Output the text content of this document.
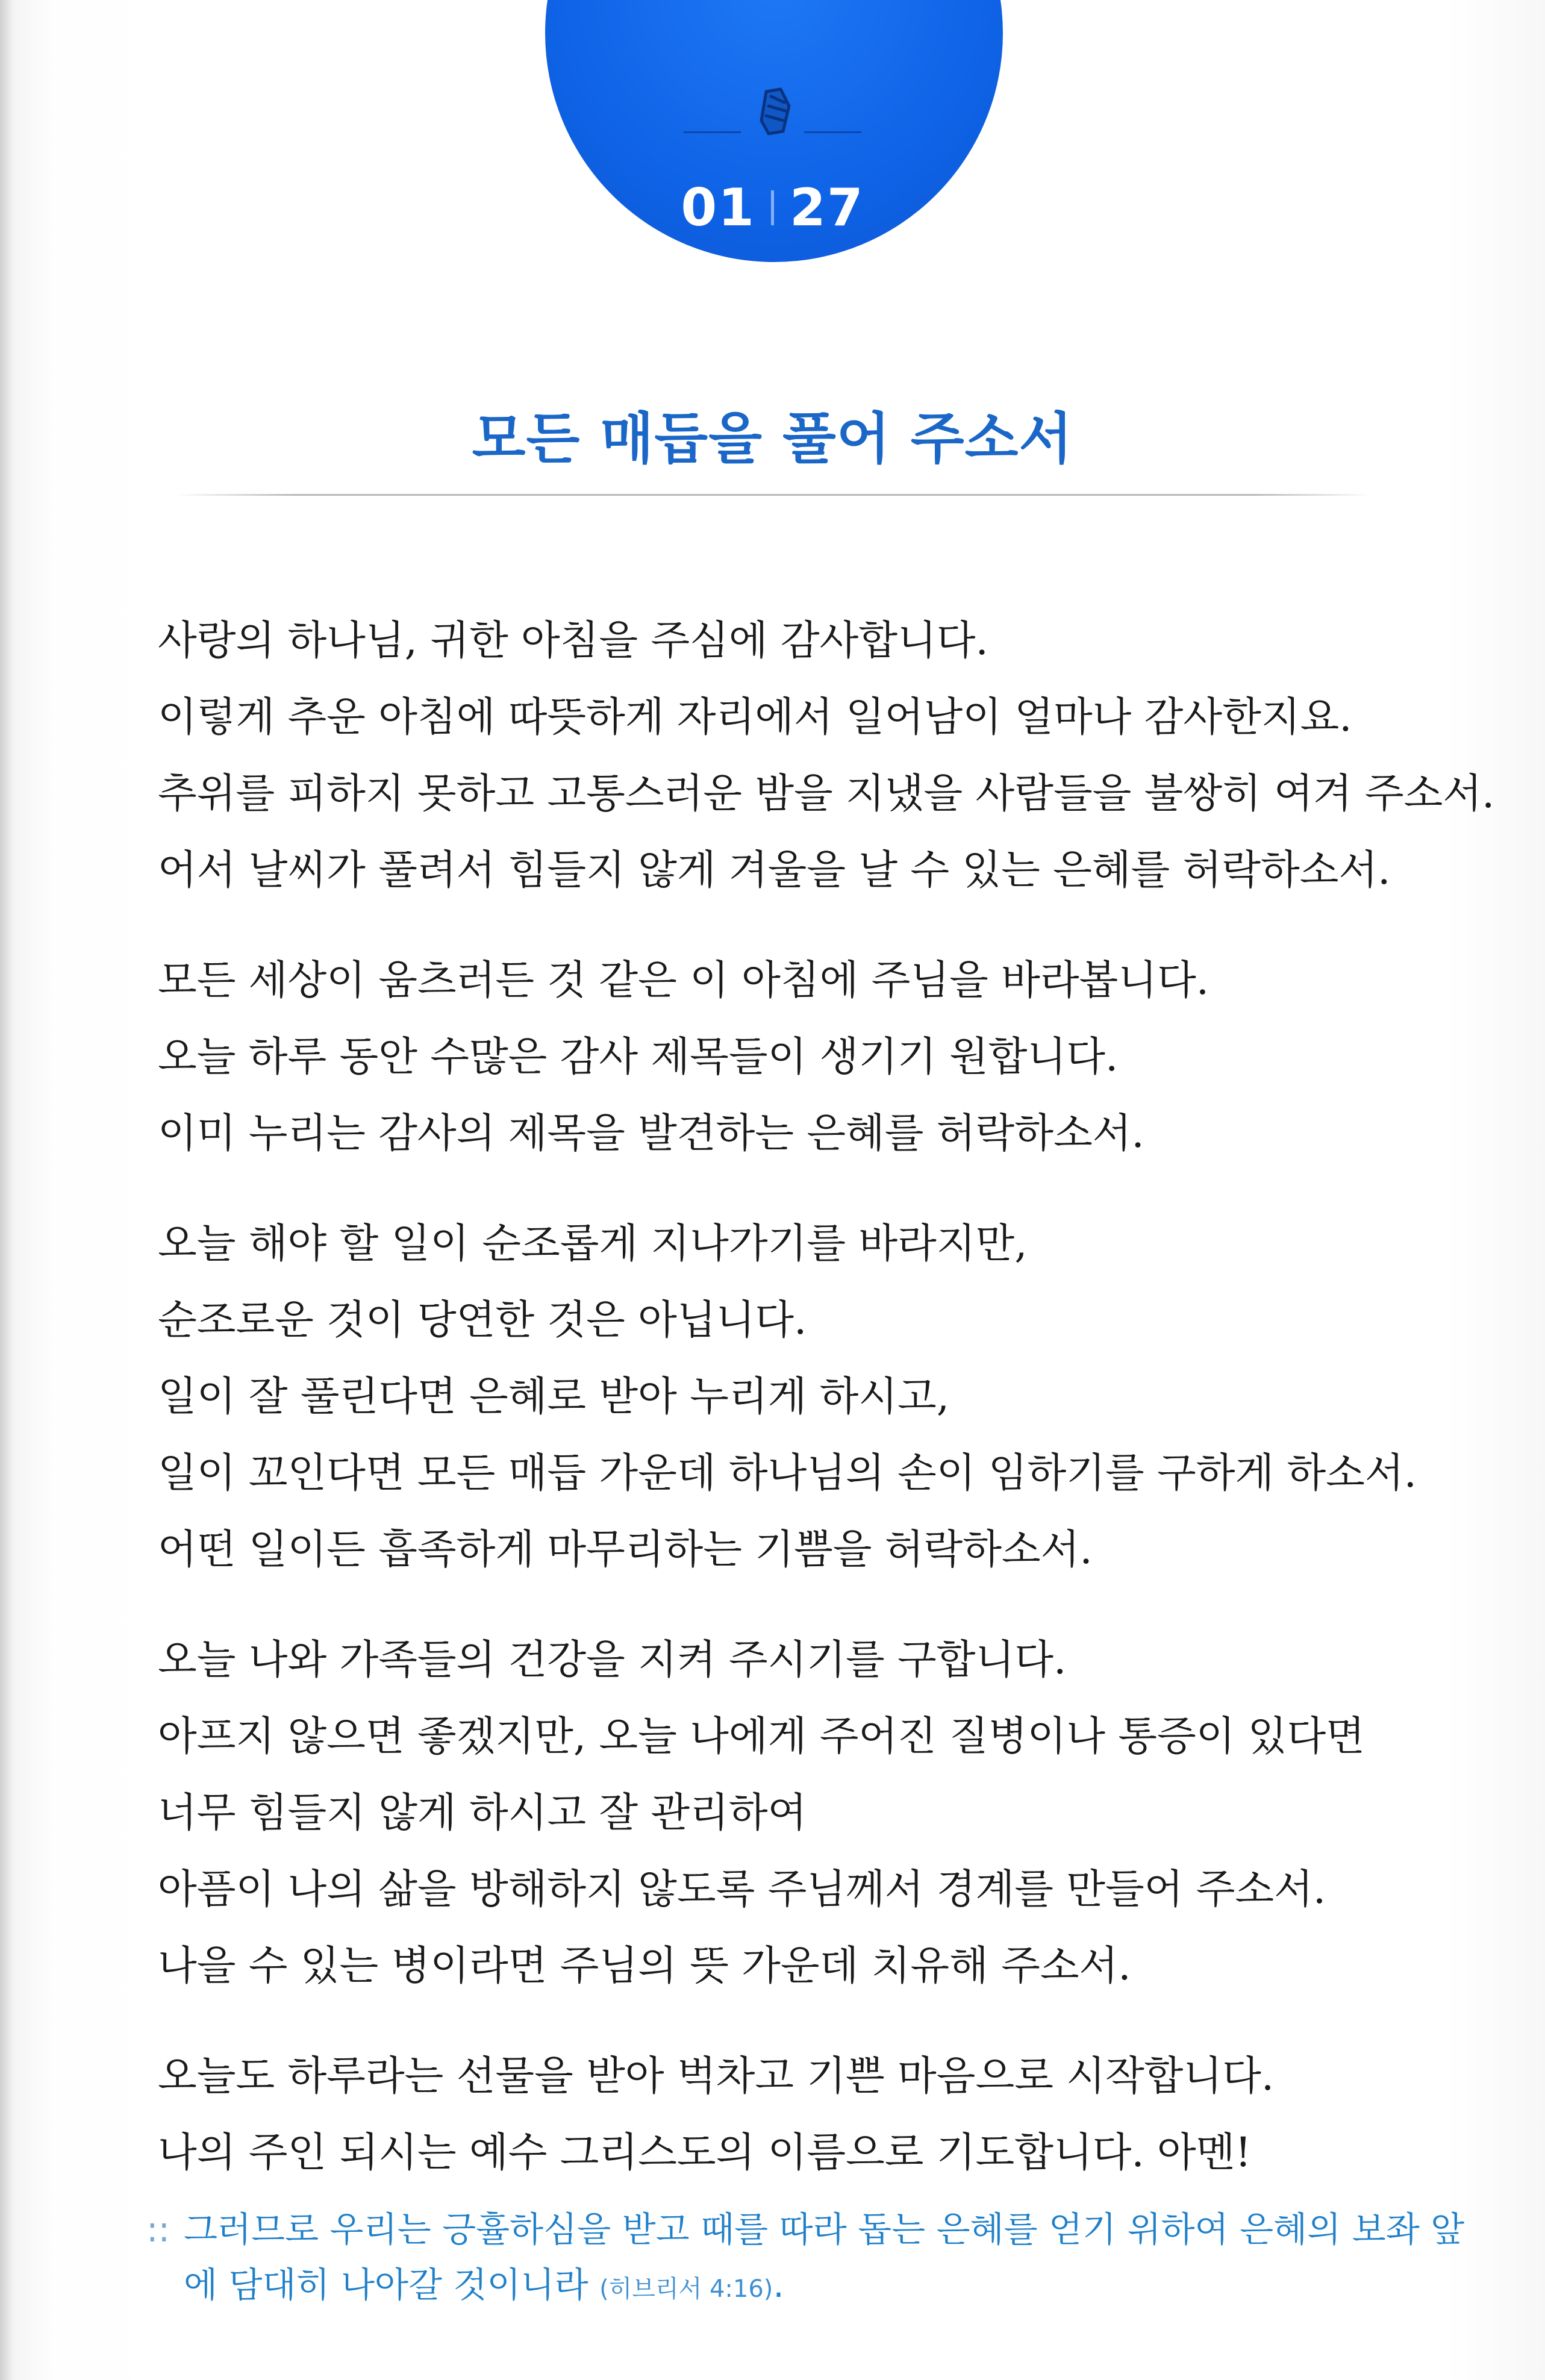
01 27
모든 매듭을 풀어 주소서
사랑의 하나님, 귀한 아침을 주심에 감사합니다.
이렇게 추운 아침에 따뜻하게 자리에서 일어남이 얼마나 감사한지요.
추위를 피하지 못하고 고통스러운 밤을 지냈을 사람들을 불쌍히 여겨 주소서.
어서 날씨가 풀려서 힘들지 않게 겨울을 날 수 있는 은혜를 허락하소서.
모든 세상이 움츠러든 것 같은 이 아침에 주님을 바라봅니다.
오늘 하루 동안 수많은 감사 제목들이 생기기 원합니다.
이미 누리는 감사의 제목을 발견하는 은혜를 허락하소서.
오늘 해야 할 일이 순조롭게 지나가기를 바라지만,
순조로운 것이 당연한 것은 아닙니다.
일이 잘 풀린다면 은혜로 받아 누리게 하시고,
일이 꼬인다면 모든 매듭 가운데 하나님의 손이 임하기를 구하게 하소서.
어떤 일이든 흡족하게 마무리하는 기쁨을 허락하소서.
오늘 나와 가족들의 건강을 지켜 주시기를 구합니다.
아프지 않으면 좋겠지만, 오늘 나에게 주어진 질병이나 통증이 있다면
너무 힘들지 않게 하시고 잘 관리하여
아픔이 나의 삶을 방해하지 않도록 주님께서 경계를 만들어 주소서.
나을 수 있는 병이라면 주님의 뜻 가운데 치유해 주소서.
오늘도 하루라는 선물을 받아 벅차고 기쁜 마음으로 시작합니다.
나의 주인 되시는 예수 그리스도의 이름으로 기도합니다. 아멘!
:: 그러므로 우리는 긍휼하심을 받고 때를 따라 돕는 은혜를 얻기 위하여 은혜의 보좌 앞
에 담대히 나아갈 것이니라 (히브리서 4:16).
